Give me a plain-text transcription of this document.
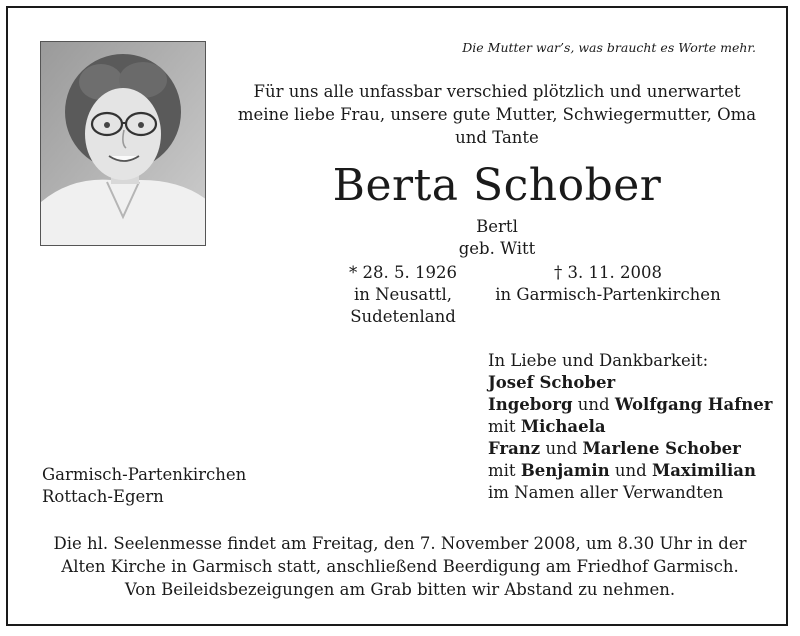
Die Mutter war’s, was braucht es Worte mehr.
Für uns alle unfassbar verschied plötzlich und unerwartet
meine liebe Frau, unsere gute Mutter, Schwiegermutter, Oma
und Tante
Berta Schober
Bertl
geb. Witt
* 28. 5. 1926
in Neusattl,
Sudetenland
† 3. 11. 2008
in Garmisch-Partenkirchen
In Liebe und Dankbarkeit:
Josef Schober
Ingeborg und Wolfgang Hafner
mit Michaela
Franz und Marlene Schober
mit Benjamin und Maximilian
im Namen aller Verwandten
Garmisch-Partenkirchen
Rottach-Egern
Die hl. Seelenmesse findet am Freitag, den 7. November 2008, um 8.30 Uhr in der
Alten Kirche in Garmisch statt, anschließend Beerdigung am Friedhof Garmisch.
Von Beileidsbezeigungen am Grab bitten wir Abstand zu nehmen.
